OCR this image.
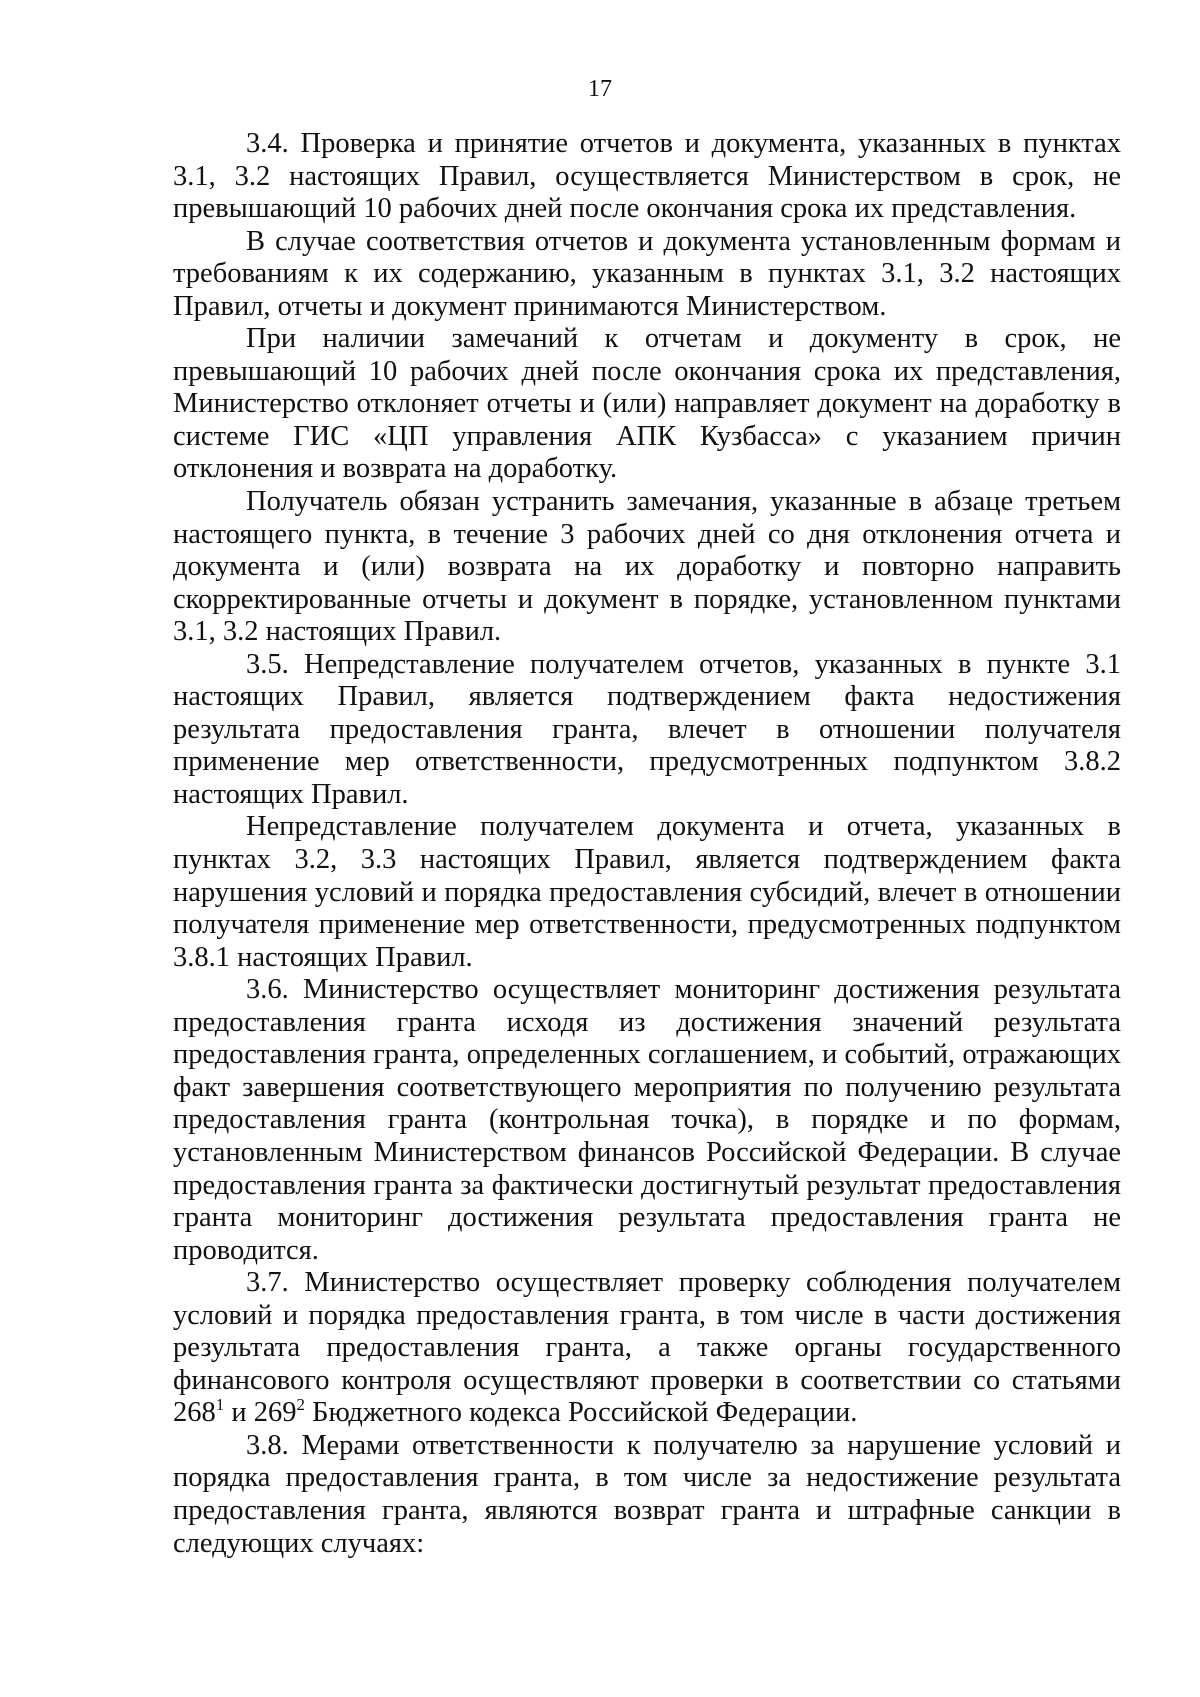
17

3.4. Проверка и принятие отчетов и документа, указанных в пунктах 3.1, 3.2 настоящих Правил, осуществляется Министерством в срок, не превышающий 10 рабочих дней после окончания срока их представления.

В случае соответствия отчетов и документа установленным формам и требованиям к их содержанию, указанным в пунктах 3.1, 3.2 настоящих Правил, отчеты и документ принимаются Министерством.

При наличии замечаний к отчетам и документу в срок, не превышающий 10 рабочих дней после окончания срока их представления, Министерство отклоняет отчеты и (или) направляет документ на доработку в системе ГИС «ЦП управления АПК Кузбасса» с указанием причин отклонения и возврата на доработку.

Получатель обязан устранить замечания, указанные в абзаце третьем настоящего пункта, в течение 3 рабочих дней со дня отклонения отчета и документа и (или) возврата на их доработку и повторно направить скорректированные отчеты и документ в порядке, установленном пунктами 3.1, 3.2 настоящих Правил.

3.5. Непредставление получателем отчетов, указанных в пункте 3.1 настоящих Правил, является подтверждением факта недостижения результата предоставления гранта, влечет в отношении получателя применение мер ответственности, предусмотренных подпунктом 3.8.2 настоящих Правил.

Непредставление получателем документа и отчета, указанных в пунктах 3.2, 3.3 настоящих Правил, является подтверждением факта нарушения условий и порядка предоставления субсидий, влечет в отношении получателя применение мер ответственности, предусмотренных подпунктом 3.8.1 настоящих Правил.

3.6. Министерство осуществляет мониторинг достижения результата предоставления гранта исходя из достижения значений результата предоставления гранта, определенных соглашением, и событий, отражающих факт завершения соответствующего мероприятия по получению результата предоставления гранта (контрольная точка), в порядке и по формам, установленным Министерством финансов Российской Федерации. В случае предоставления гранта за фактически достигнутый результат предоставления гранта мониторинг достижения результата предоставления гранта не проводится.

3.7. Министерство осуществляет проверку соблюдения получателем условий и порядка предоставления гранта, в том числе в части достижения результата предоставления гранта, а также органы государственного финансового контроля осуществляют проверки в соответствии со статьями $268^1$ и $269^2$ Бюджетного кодекса Российской Федерации.

3.8. Мерами ответственности к получателю за нарушение условий и порядка предоставления гранта, в том числе за недостижение результата предоставления гранта, являются возврат гранта и штрафные санкции в следующих случаях:
